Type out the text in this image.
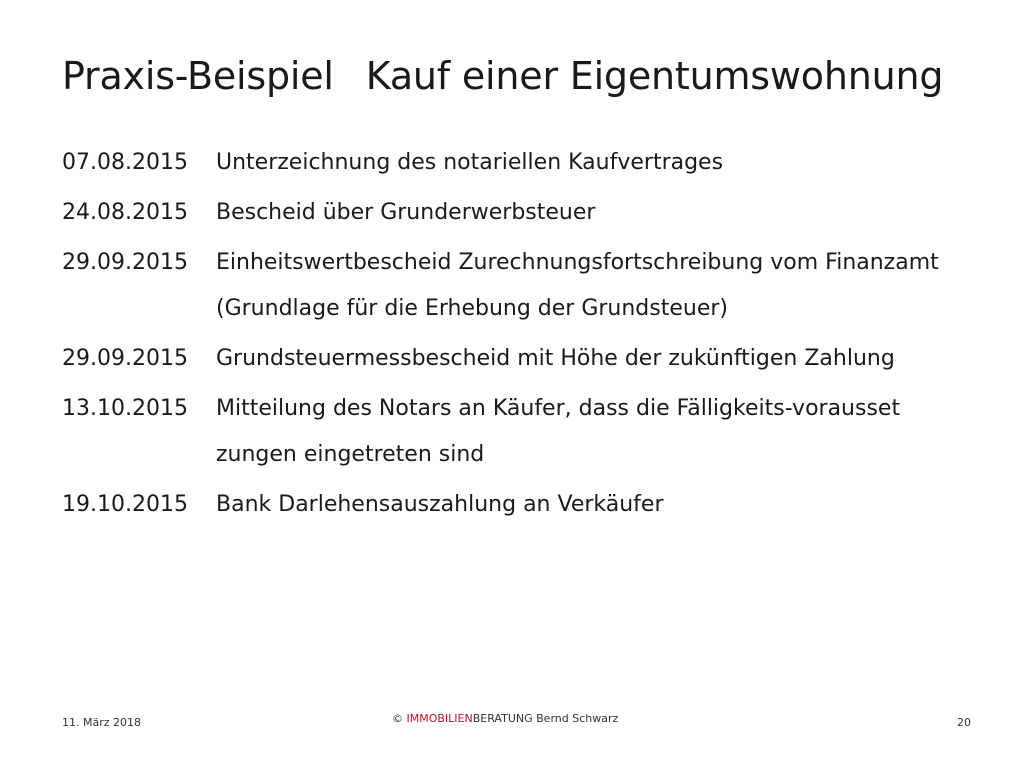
Praxis-Beispiel Kauf einer Eigentumswohnung
07.08.2015	Unterzeichnung des notariellen Kaufvertrages
24.08.2015	Bescheid über Grunderwerbsteuer
29.09.2015	Einheitswertbescheid Zurechnungsfortschreibung vom Finanzamt (Grundlage für die Erhebung der Grundsteuer)
29.09.2015	Grundsteuermessbescheid mit Höhe der zukünftigen Zahlung
13.10.2015	Mitteilung des Notars an Käufer, dass die Fälligkeits-voraussetzungen eingetreten sind
19.10.2015	Bank Darlehensauszahlung an Verkäufer
11. März 2018	© IMMOBILIENBERATUNG Bernd Schwarz	20
